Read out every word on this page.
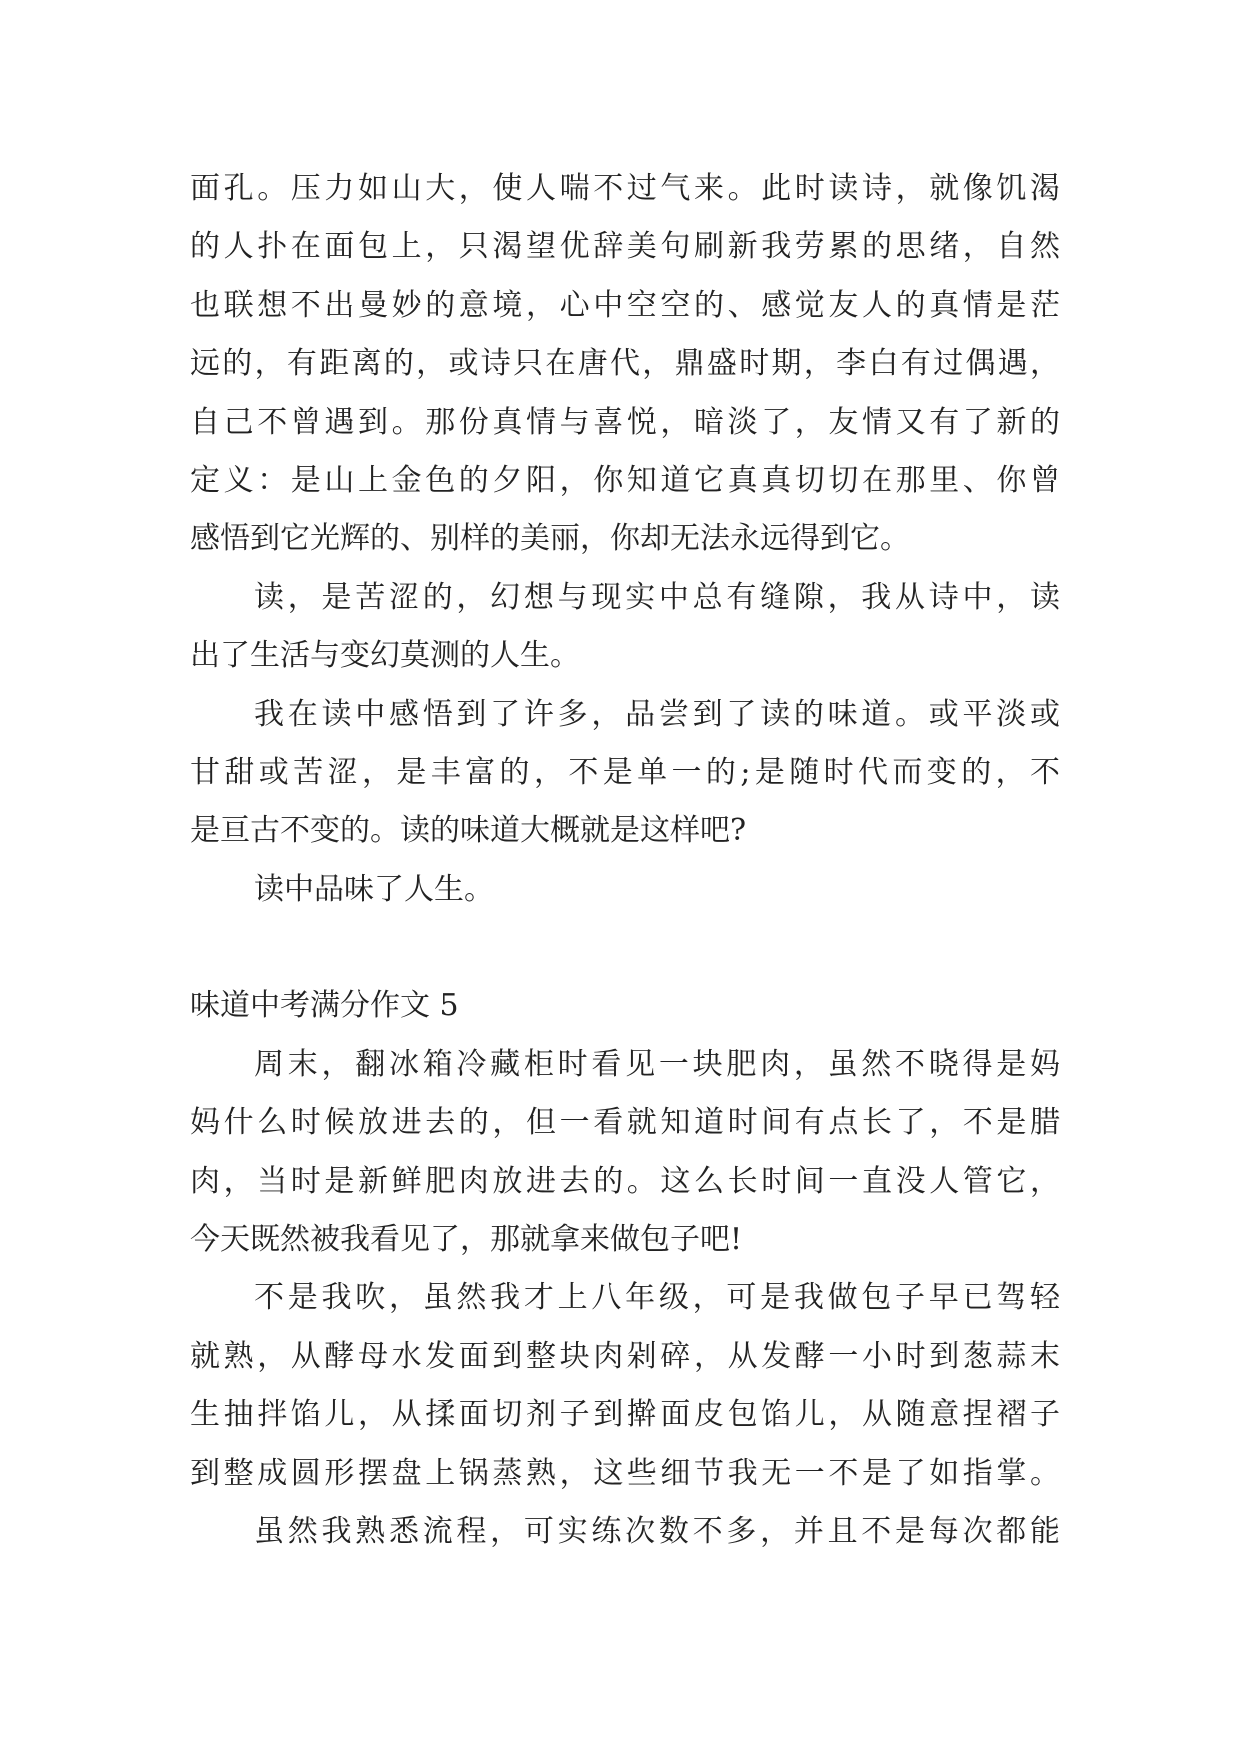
面孔。压力如山大，使人喘不过气来。此时读诗，就像饥渴
的人扑在面包上，只渴望优辞美句刷新我劳累的思绪，自然
也联想不出曼妙的意境，心中空空的、感觉友人的真情是茫
远的，有距离的，或诗只在唐代，鼎盛时期，李白有过偶遇，
自己不曾遇到。那份真情与喜悦，暗淡了，友情又有了新的
定义：是山上金色的夕阳，你知道它真真切切在那里、你曾
感悟到它光辉的、别样的美丽，你却无法永远得到它。
读，是苦涩的，幻想与现实中总有缝隙，我从诗中，读
出了生活与变幻莫测的人生。
我在读中感悟到了许多，品尝到了读的味道。或平淡或
甘甜或苦涩，是丰富的，不是单一的;是随时代而变的，不
是亘古不变的。读的味道大概就是这样吧?
读中品味了人生。
味道中考满分作文 5
周末，翻冰箱冷藏柜时看见一块肥肉，虽然不晓得是妈
妈什么时候放进去的，但一看就知道时间有点长了，不是腊
肉，当时是新鲜肥肉放进去的。这么长时间一直没人管它，
今天既然被我看见了，那就拿来做包子吧!
不是我吹，虽然我才上八年级，可是我做包子早已驾轻
就熟，从酵母水发面到整块肉剁碎，从发酵一小时到葱蒜末
生抽拌馅儿，从揉面切剂子到擀面皮包馅儿，从随意捏褶子
到整成圆形摆盘上锅蒸熟，这些细节我无一不是了如指掌。
虽然我熟悉流程，可实练次数不多，并且不是每次都能
